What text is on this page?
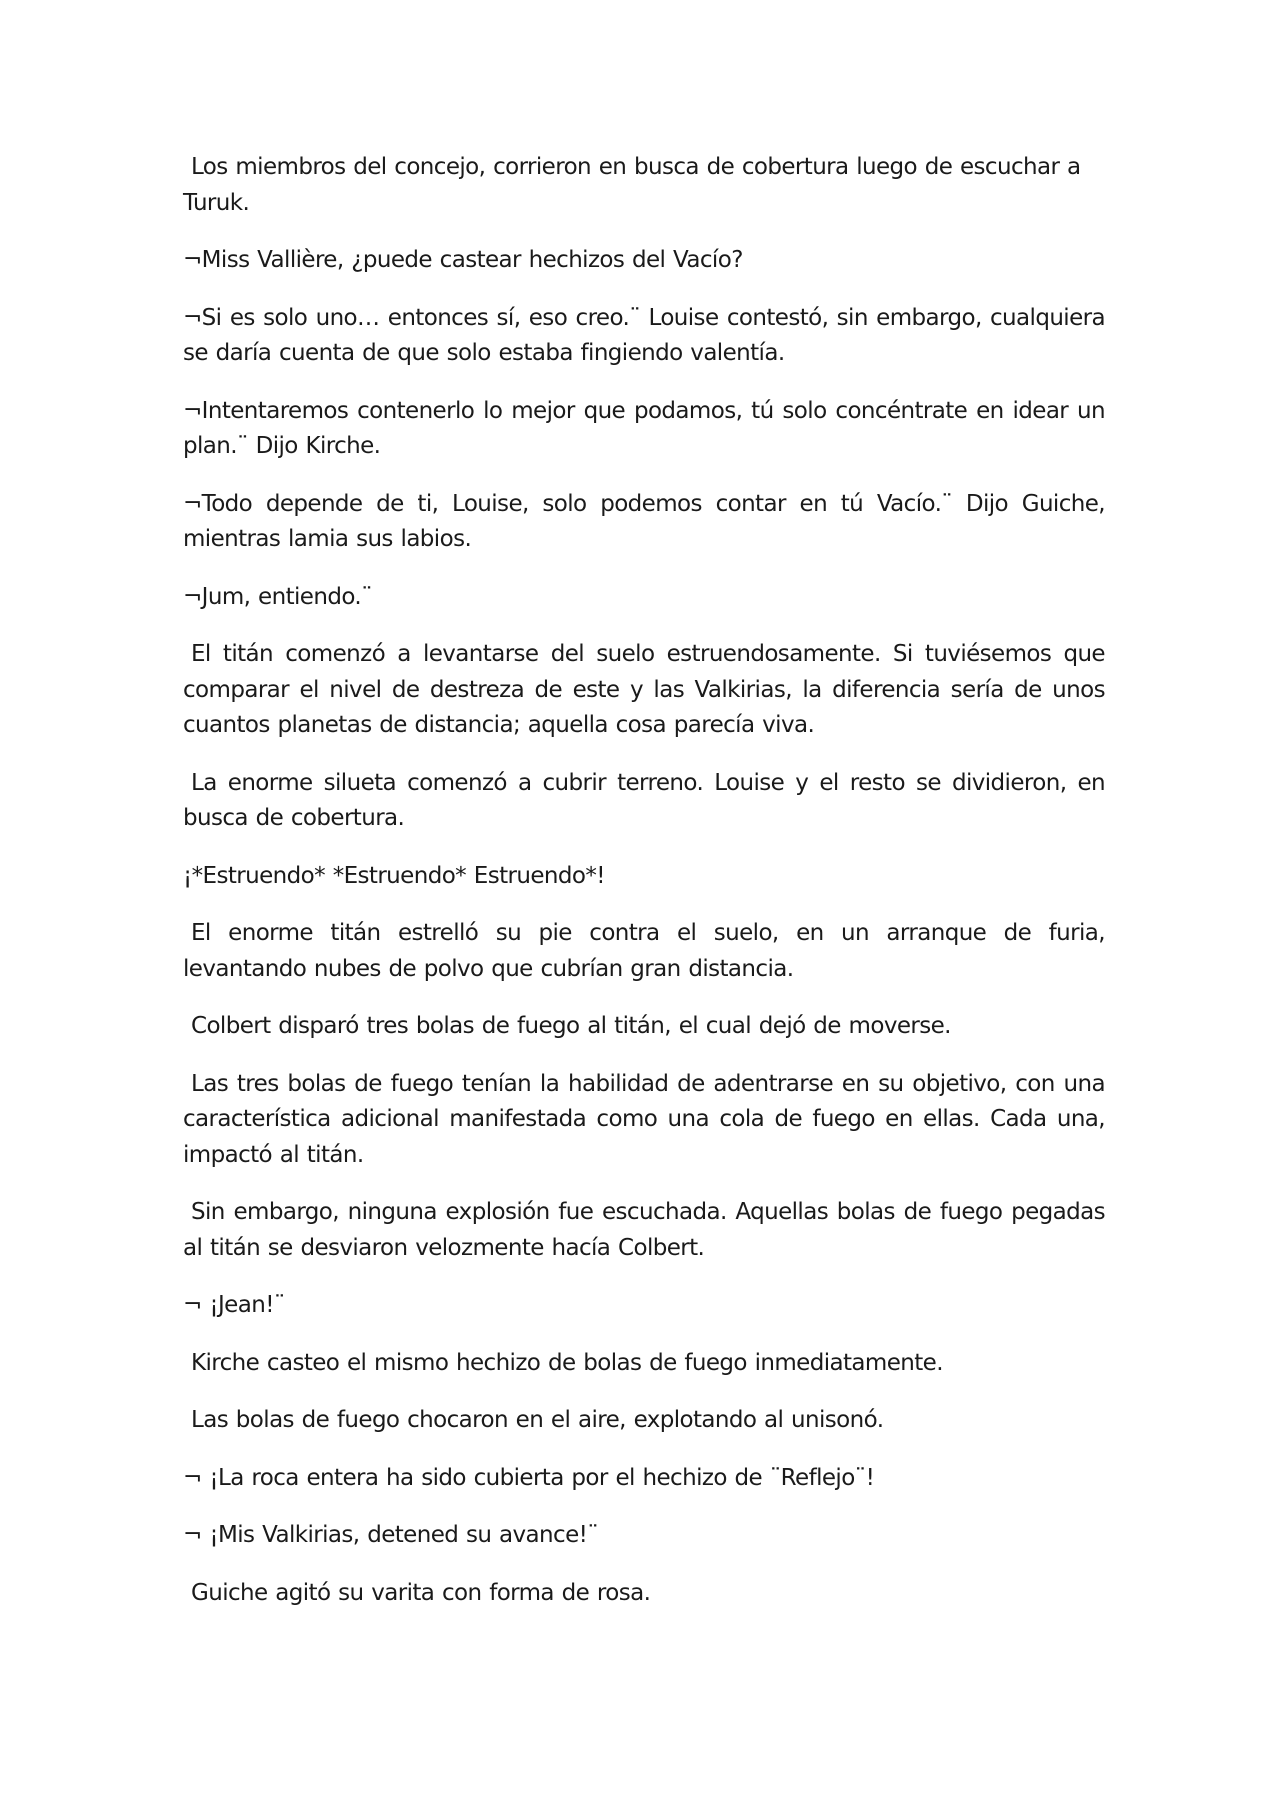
Los miembros del concejo, corrieron en busca de cobertura luego de escuchar a Turuk.

¬Miss Vallière, ¿puede castear hechizos del Vacío?

¬Si es solo uno… entonces sí, eso creo.¨ Louise contestó, sin embargo, cualquiera se daría cuenta de que solo estaba fingiendo valentía.

¬Intentaremos contenerlo lo mejor que podamos, tú solo concéntrate en idear un plan.¨ Dijo Kirche.

¬Todo depende de ti, Louise, solo podemos contar en tú Vacío.¨ Dijo Guiche, mientras lamia sus labios.

¬Jum, entiendo.¨

El titán comenzó a levantarse del suelo estruendosamente. Si tuviésemos que comparar el nivel de destreza de este y las Valkirias, la diferencia sería de unos cuantos planetas de distancia; aquella cosa parecía viva.

La enorme silueta comenzó a cubrir terreno. Louise y el resto se dividieron, en busca de cobertura.

¡*Estruendo* *Estruendo* Estruendo*!

El enorme titán estrelló su pie contra el suelo, en un arranque de furia, levantando nubes de polvo que cubrían gran distancia.

Colbert disparó tres bolas de fuego al titán, el cual dejó de moverse.

Las tres bolas de fuego tenían la habilidad de adentrarse en su objetivo, con una característica adicional manifestada como una cola de fuego en ellas. Cada una, impactó al titán.

Sin embargo, ninguna explosión fue escuchada. Aquellas bolas de fuego pegadas al titán se desviaron velozmente hacía Colbert.

¬ ¡Jean!¨

Kirche casteo el mismo hechizo de bolas de fuego inmediatamente.

Las bolas de fuego chocaron en el aire, explotando al unisonó.

¬ ¡La roca entera ha sido cubierta por el hechizo de ¨Reflejo¨!

¬ ¡Mis Valkirias, detened su avance!¨

Guiche agitó su varita con forma de rosa.
